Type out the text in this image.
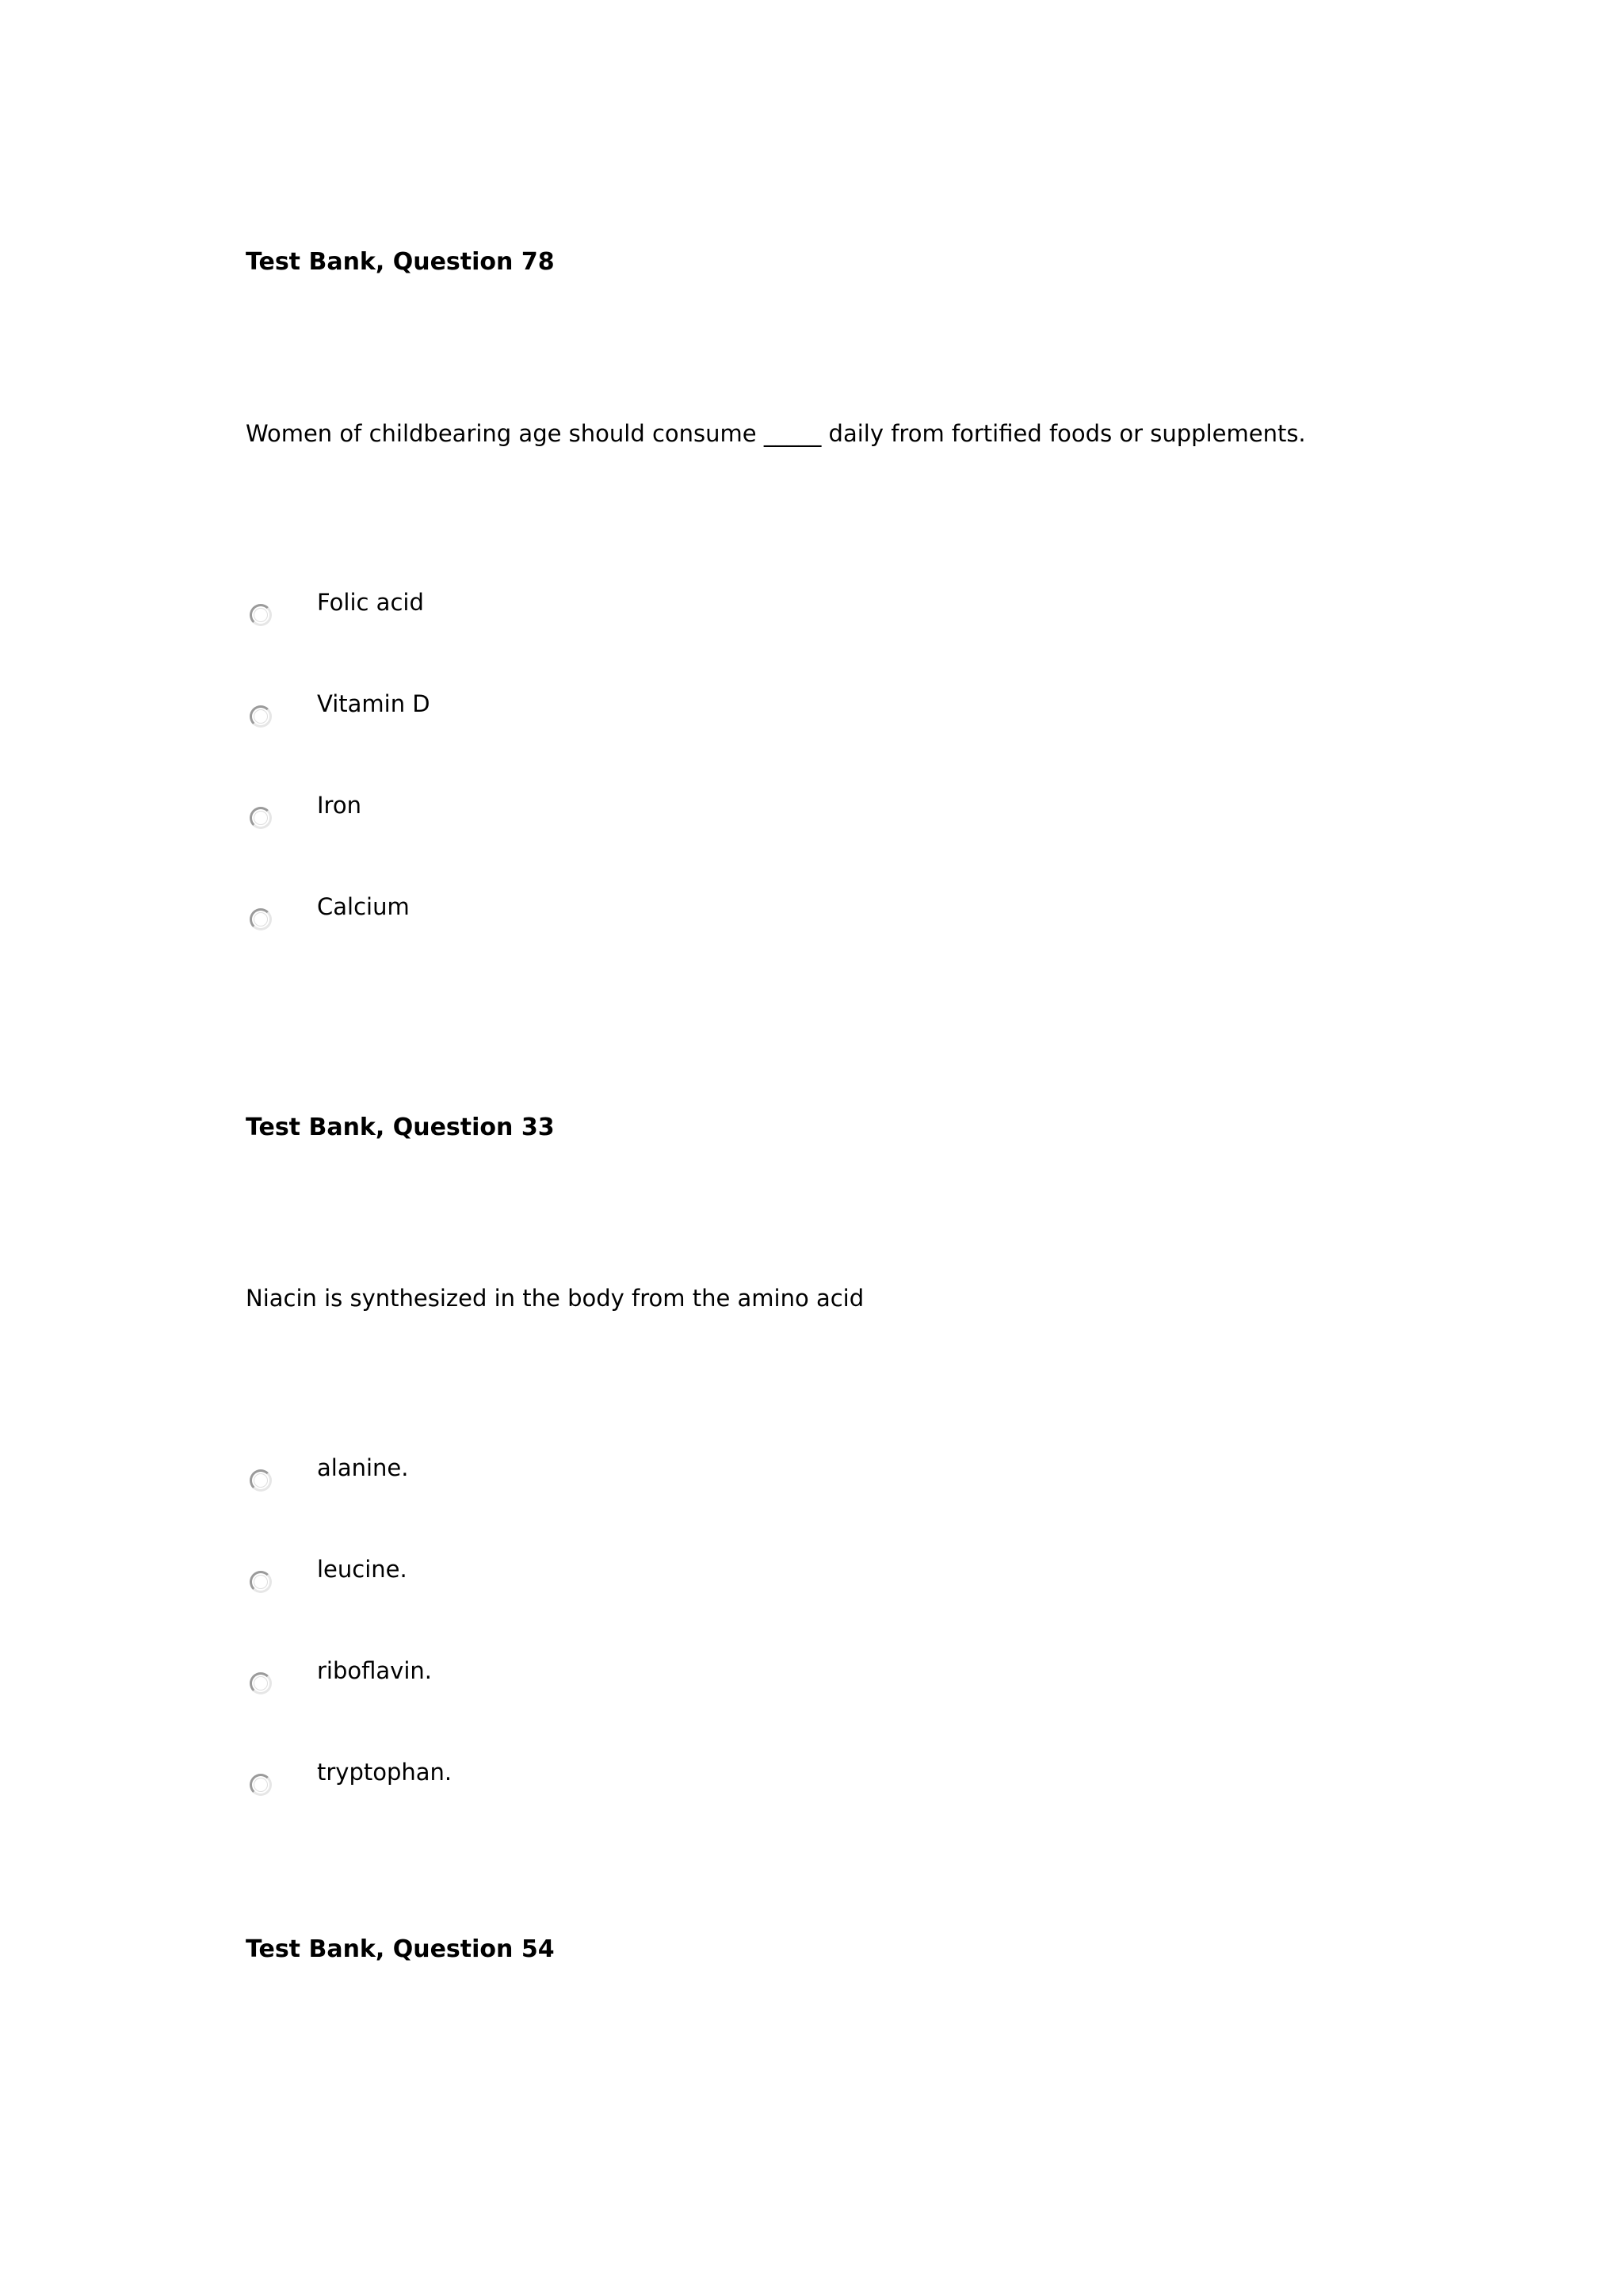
Test Bank, Question 78
Women of childbearing age should consume _____ daily from fortified foods or supplements.
Folic acid
Vitamin D
Iron
Calcium
Test Bank, Question 33
Niacin is synthesized in the body from the amino acid
alanine.
leucine.
riboflavin.
tryptophan.
Test Bank, Question 54
